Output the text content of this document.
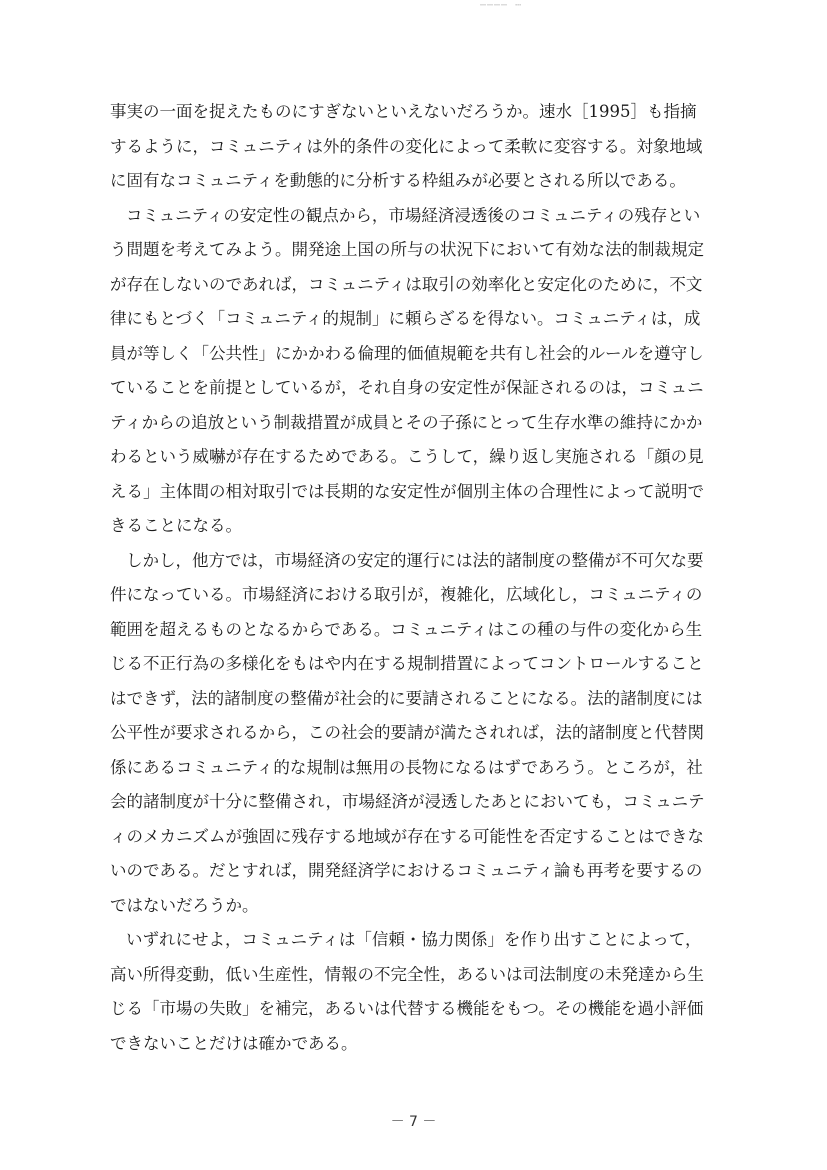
⋯⋯⋯⋯ ⋯
事実の一面を捉えたものにすぎないといえないだろうか。速水［1995］も指摘
するように，コミュニティは外的条件の変化によって柔軟に変容する。対象地域
に固有なコミュニティを動態的に分析する枠組みが必要とされる所以である。
コミュニティの安定性の観点から，市場経済浸透後のコミュニティの残存とい
う問題を考えてみよう。開発途上国の所与の状況下において有効な法的制裁規定
が存在しないのであれば，コミュニティは取引の効率化と安定化のために，不文
律にもとづく「コミュニティ的規制」に頼らざるを得ない。コミュニティは，成
員が等しく「公共性」にかかわる倫理的価値規範を共有し社会的ルールを遵守し
ていることを前提としているが，それ自身の安定性が保証されるのは，コミュニ
ティからの追放という制裁措置が成員とその子孫にとって生存水準の維持にかか
わるという威嚇が存在するためである。こうして，繰り返し実施される「顔の見
える」主体間の相対取引では長期的な安定性が個別主体の合理性によって説明で
きることになる。
しかし，他方では，市場経済の安定的運行には法的諸制度の整備が不可欠な要
件になっている。市場経済における取引が，複雑化，広域化し，コミュニティの
範囲を超えるものとなるからである。コミュニティはこの種の与件の変化から生
じる不正行為の多様化をもはや内在する規制措置によってコントロールすること
はできず，法的諸制度の整備が社会的に要請されることになる。法的諸制度には
公平性が要求されるから，この社会的要請が満たされれば，法的諸制度と代替関
係にあるコミュニティ的な規制は無用の長物になるはずであろう。ところが，社
会的諸制度が十分に整備され，市場経済が浸透したあとにおいても，コミュニテ
ィのメカニズムが強固に残存する地域が存在する可能性を否定することはできな
いのである。だとすれば，開発経済学におけるコミュニティ論も再考を要するの
ではないだろうか。
いずれにせよ，コミュニティは「信頼・協力関係」を作り出すことによって，
高い所得変動，低い生産性，情報の不完全性，あるいは司法制度の未発達から生
じる「市場の失敗」を補完，あるいは代替する機能をもつ。その機能を過小評価
できないことだけは確かである。
－ 7 －
